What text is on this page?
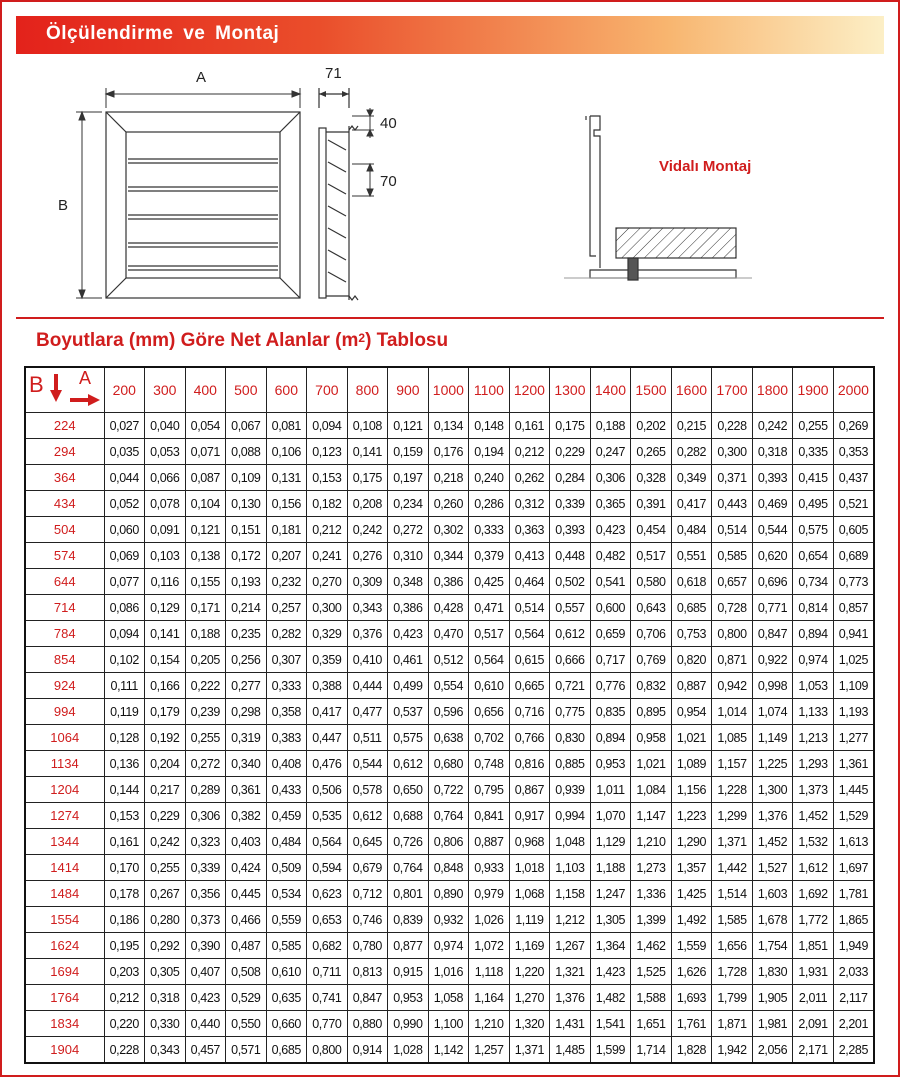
Ölçülendirme ve Montaj
A
B
71
40
70
Vidalı Montaj
Boyutlara (mm) Göre Net Alanlar $(m^2)$ Tablosu
B A	200	300	400	500	600	700	800	900	1000	1100	1200	1300	1400	1500	1600	1700	1800	1900	2000
224	0,027	0,040	0,054	0,067	0,081	0,094	0,108	0,121	0,134	0,148	0,161	0,175	0,188	0,202	0,215	0,228	0,242	0,255	0,269
294	0,035	0,053	0,071	0,088	0,106	0,123	0,141	0,159	0,176	0,194	0,212	0,229	0,247	0,265	0,282	0,300	0,318	0,335	0,353
364	0,044	0,066	0,087	0,109	0,131	0,153	0,175	0,197	0,218	0,240	0,262	0,284	0,306	0,328	0,349	0,371	0,393	0,415	0,437
434	0,052	0,078	0,104	0,130	0,156	0,182	0,208	0,234	0,260	0,286	0,312	0,339	0,365	0,391	0,417	0,443	0,469	0,495	0,521
504	0,060	0,091	0,121	0,151	0,181	0,212	0,242	0,272	0,302	0,333	0,363	0,393	0,423	0,454	0,484	0,514	0,544	0,575	0,605
574	0,069	0,103	0,138	0,172	0,207	0,241	0,276	0,310	0,344	0,379	0,413	0,448	0,482	0,517	0,551	0,585	0,620	0,654	0,689
644	0,077	0,116	0,155	0,193	0,232	0,270	0,309	0,348	0,386	0,425	0,464	0,502	0,541	0,580	0,618	0,657	0,696	0,734	0,773
714	0,086	0,129	0,171	0,214	0,257	0,300	0,343	0,386	0,428	0,471	0,514	0,557	0,600	0,643	0,685	0,728	0,771	0,814	0,857
784	0,094	0,141	0,188	0,235	0,282	0,329	0,376	0,423	0,470	0,517	0,564	0,612	0,659	0,706	0,753	0,800	0,847	0,894	0,941
854	0,102	0,154	0,205	0,256	0,307	0,359	0,410	0,461	0,512	0,564	0,615	0,666	0,717	0,769	0,820	0,871	0,922	0,974	1,025
924	0,111	0,166	0,222	0,277	0,333	0,388	0,444	0,499	0,554	0,610	0,665	0,721	0,776	0,832	0,887	0,942	0,998	1,053	1,109
994	0,119	0,179	0,239	0,298	0,358	0,417	0,477	0,537	0,596	0,656	0,716	0,775	0,835	0,895	0,954	1,014	1,074	1,133	1,193
1064	0,128	0,192	0,255	0,319	0,383	0,447	0,511	0,575	0,638	0,702	0,766	0,830	0,894	0,958	1,021	1,085	1,149	1,213	1,277
1134	0,136	0,204	0,272	0,340	0,408	0,476	0,544	0,612	0,680	0,748	0,816	0,885	0,953	1,021	1,089	1,157	1,225	1,293	1,361
1204	0,144	0,217	0,289	0,361	0,433	0,506	0,578	0,650	0,722	0,795	0,867	0,939	1,011	1,084	1,156	1,228	1,300	1,373	1,445
1274	0,153	0,229	0,306	0,382	0,459	0,535	0,612	0,688	0,764	0,841	0,917	0,994	1,070	1,147	1,223	1,299	1,376	1,452	1,529
1344	0,161	0,242	0,323	0,403	0,484	0,564	0,645	0,726	0,806	0,887	0,968	1,048	1,129	1,210	1,290	1,371	1,452	1,532	1,613
1414	0,170	0,255	0,339	0,424	0,509	0,594	0,679	0,764	0,848	0,933	1,018	1,103	1,188	1,273	1,357	1,442	1,527	1,612	1,697
1484	0,178	0,267	0,356	0,445	0,534	0,623	0,712	0,801	0,890	0,979	1,068	1,158	1,247	1,336	1,425	1,514	1,603	1,692	1,781
1554	0,186	0,280	0,373	0,466	0,559	0,653	0,746	0,839	0,932	1,026	1,119	1,212	1,305	1,399	1,492	1,585	1,678	1,772	1,865
1624	0,195	0,292	0,390	0,487	0,585	0,682	0,780	0,877	0,974	1,072	1,169	1,267	1,364	1,462	1,559	1,656	1,754	1,851	1,949
1694	0,203	0,305	0,407	0,508	0,610	0,711	0,813	0,915	1,016	1,118	1,220	1,321	1,423	1,525	1,626	1,728	1,830	1,931	2,033
1764	0,212	0,318	0,423	0,529	0,635	0,741	0,847	0,953	1,058	1,164	1,270	1,376	1,482	1,588	1,693	1,799	1,905	2,011	2,117
1834	0,220	0,330	0,440	0,550	0,660	0,770	0,880	0,990	1,100	1,210	1,320	1,431	1,541	1,651	1,761	1,871	1,981	2,091	2,201
1904	0,228	0,343	0,457	0,571	0,685	0,800	0,914	1,028	1,142	1,257	1,371	1,485	1,599	1,714	1,828	1,942	2,056	2,171	2,285
